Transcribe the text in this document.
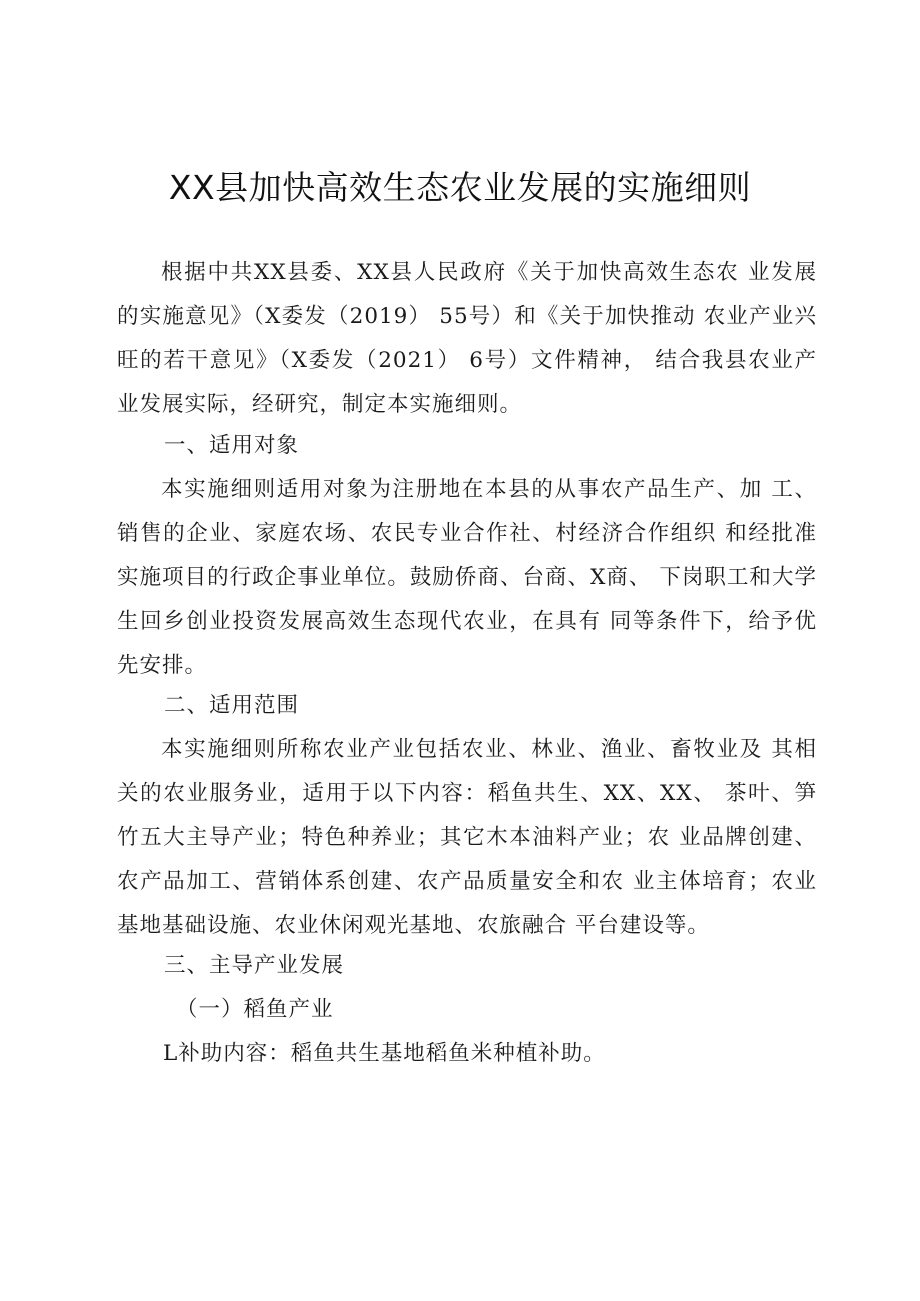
XX县加快高效生态农业发展的实施细则

根据中共XX县委、XX县人民政府《关于加快高效生态农 业发展的实施意见》（X委发（2019） 55号）和《关于加快推动 农业产业兴旺的若干意见》（X委发（2021） 6号）文件精神， 结合我县农业产业发展实际，经研究，制定本实施细则。

一、适用对象

本实施细则适用对象为注册地在本县的从事农产品生产、加 工、销售的企业、家庭农场、农民专业合作社、村经济合作组织 和经批准实施项目的行政企事业单位。鼓励侨商、台商、X商、 下岗职工和大学生回乡创业投资发展高效生态现代农业，在具有 同等条件下，给予优先安排。

二、适用范围

本实施细则所称农业产业包括农业、林业、渔业、畜牧业及 其相关的农业服务业，适用于以下内容：稻鱼共生、XX、XX、 茶叶、笋竹五大主导产业；特色种养业；其它木本油料产业；农 业品牌创建、农产品加工、营销体系创建、农产品质量安全和农 业主体培育；农业基地基础设施、农业休闲观光基地、农旅融合 平台建设等。

三、主导产业发展

（一）稻鱼产业

L补助内容：稻鱼共生基地稻鱼米种植补助。
